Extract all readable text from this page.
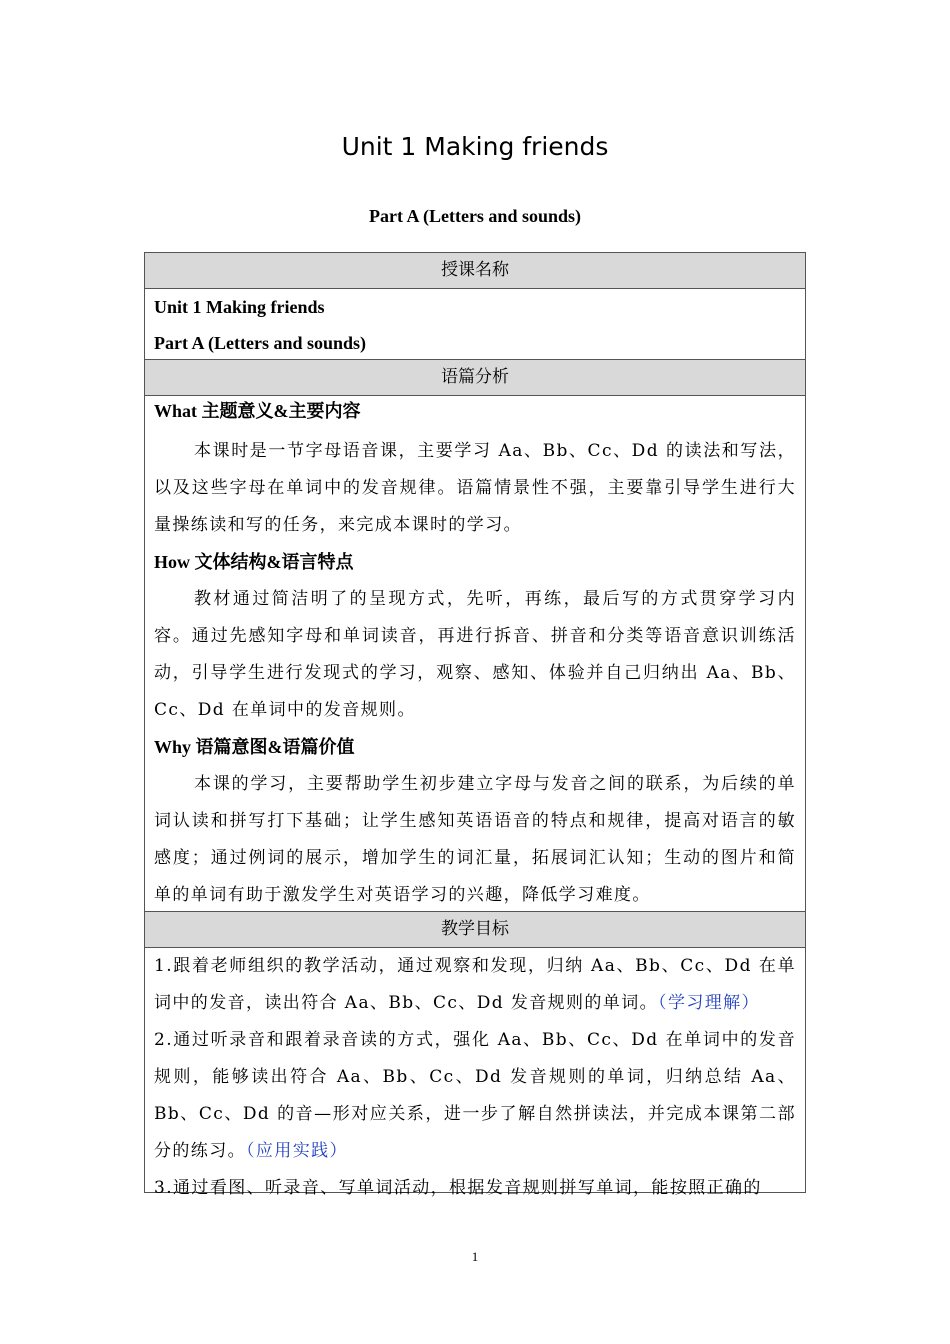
Unit 1 Making friends
Part A (Letters and sounds)
授课名称
Unit 1 Making friends
Part A (Letters and sounds)
语篇分析
What 主题意义&主要内容
本课时是一节字母语音课，主要学习 Aa、Bb、Cc、Dd 的读法和写法，以及这些字母在单词中的发音规律。语篇情景性不强，主要靠引导学生进行大量操练读和写的任务，来完成本课时的学习。
How 文体结构&语言特点
教材通过简洁明了的呈现方式，先听，再练，最后写的方式贯穿学习内容。通过先感知字母和单词读音，再进行拆音、拼音和分类等语音意识训练活动，引导学生进行发现式的学习，观察、感知、体验并自己归纳出 Aa、Bb、Cc、Dd 在单词中的发音规则。
Why 语篇意图&语篇价值
本课的学习，主要帮助学生初步建立字母与发音之间的联系，为后续的单词认读和拼写打下基础；让学生感知英语语音的特点和规律，提高对语言的敏感度；通过例词的展示，增加学生的词汇量，拓展词汇认知；生动的图片和简单的单词有助于激发学生对英语学习的兴趣，降低学习难度。
教学目标
1.跟着老师组织的教学活动，通过观察和发现，归纳 Aa、Bb、Cc、Dd 在单词中的发音，读出符合 Aa、Bb、Cc、Dd 发音规则的单词。（学习理解）
2.通过听录音和跟着录音读的方式，强化 Aa、Bb、Cc、Dd 在单词中的发音规则，能够读出符合 Aa、Bb、Cc、Dd 发音规则的单词，归纳总结 Aa、Bb、Cc、Dd 的音—形对应关系，进一步了解自然拼读法，并完成本课第二部分的练习。（应用实践）
3.通过看图、听录音、写单词活动，根据发音规则拼写单词，能按照正确的
1
